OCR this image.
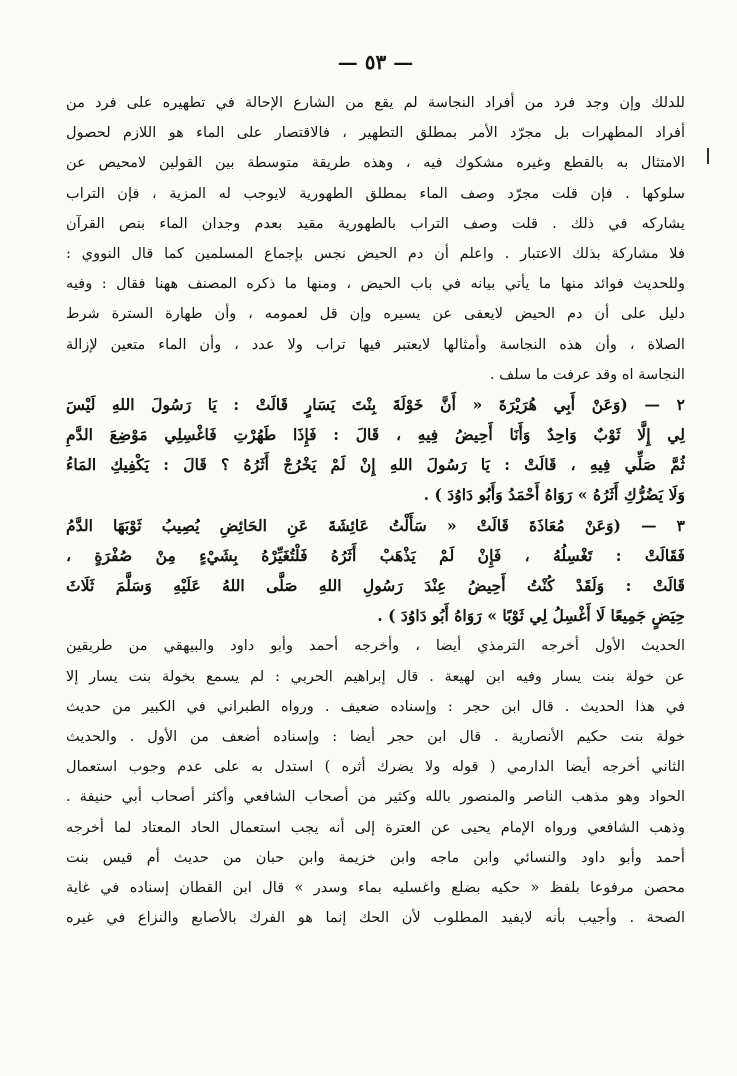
— ٥٣ —
للدلك وإن وجد فرد من أفراد النجاسة لم يقع من الشارع الإحالة في تطهيره على فرد من
أفراد المطهرات بل مجرّد الأمر بمطلق التطهير ، فالاقتصار على الماء هو اللازم لحصول
الامتثال به بالقطع وغيره مشكوك فيه ، وهذه طريقة متوسطة بين القولين لامحيص عن
سلوكها . فإن قلت مجرّد وصف الماء بمطلق الطهورية لايوجب له المزية ، فإن التراب
يشاركه في ذلك . قلت وصف التراب بالطهورية مقيد بعدم وجدان الماء بنص القرآن
فلا مشاركة بذلك الاعتبار . واعلم أن دم الحيض نجس بإجماع المسلمين كما قال النووي :
وللحديث فوائد منها ما يأتي بيانه في باب الحيض ، ومنها ما ذكره المصنف ههنا فقال : وفيه
دليل على أن دم الحيض لايعفى عن يسيره وإن قل لعمومه ، وأن طهارة السترة شرط
الصلاة ، وأن هذه النجاسة وأمثالها لايعتبر فيها تراب ولا عدد ، وأن الماء متعين لإزالة
النجاسة اه وقد عرفت ما سلف .
٢ — (وَعَنْ أَبِي هُرَيْرَةَ « أَنَّ خَوْلَةَ بِنْتَ يَسَارٍ قَالَتْ : يَا رَسُولَ اللهِ لَيْسَ
لِي إِلَّا ثَوْبٌ وَاحِدٌ وَأَنَا أَحِيضُ فِيهِ ، قَالَ : فَإِذَا طَهُرْتِ فَاغْسِلِي مَوْضِعَ الدَّمِ
ثُمَّ صَلِّي فِيهِ ، قَالَتْ : يَا رَسُولَ اللهِ إِنْ لَمْ يَخْرُجْ أَثَرُهُ ؟ قَالَ : يَكْفِيكِ المَاءُ
وَلَا يَضُرُّكِ أَثَرُهُ » رَوَاهُ أَحْمَدُ وَأَبُو دَاوُدَ ) .
٣ — (وَعَنْ مُعَاذَةَ قَالَتْ « سَأَلْتُ عَائِشَةَ عَنِ الحَائِضِ يُصِيبُ ثَوْبَهَا الدَّمُ
فَقَالَتْ : تَغْسِلُهُ ، فَإِنْ لَمْ يَذْهَبْ أَثَرُهُ فَلْتُغَيِّرْهُ بِشَيْءٍ مِنْ صُفْرَةٍ ،
قَالَتْ : وَلَقَدْ كُنْتُ أَحِيضُ عِنْدَ رَسُولِ اللهِ صَلَّى اللهُ عَلَيْهِ وَسَلَّمَ ثَلَاثَ
حِيَضٍ جَمِيعًا لَا أَغْسِلُ لِي ثَوْبًا » رَوَاهُ أَبُو دَاوُدَ ) .
الحديث الأول أخرجه الترمذي أيضا ، وأخرجه أحمد وأبو داود والبيهقي من طريقين
عن خولة بنت يسار وفيه ابن لهيعة . قال إبراهيم الحربي : لم يسمع بخولة بنت يسار إلا
في هذا الحديث . قال ابن حجر : وإسناده ضعيف . ورواه الطبراني في الكبير من حديث
خولة بنت حكيم الأنصارية . قال ابن حجر أيضا : وإسناده أضعف من الأول . والحديث
الثاني أخرجه أيضا الدارمي ( قوله ولا يضرك أثره ) استدل به على عدم وجوب استعمال
الحواد وهو مذهب الناصر والمنصور بالله وكثير من أصحاب الشافعي وأكثر أصحاب أبي حنيفة .
وذهب الشافعي ورواه الإمام يحيى عن العترة إلى أنه يجب استعمال الحاد المعتاد لما أخرجه
أحمد وأبو داود والنسائي وابن ماجه وابن خزيمة وابن حبان من حديث أم قيس بنت
محصن مرفوعا بلفظ « حكيه بضلع واغسليه بماء وسدر » قال ابن القطان إسناده في غاية
الصحة . وأجيب بأنه لايفيد المطلوب لأن الحك إنما هو الفرك بالأصابع والنزاع في غيره
